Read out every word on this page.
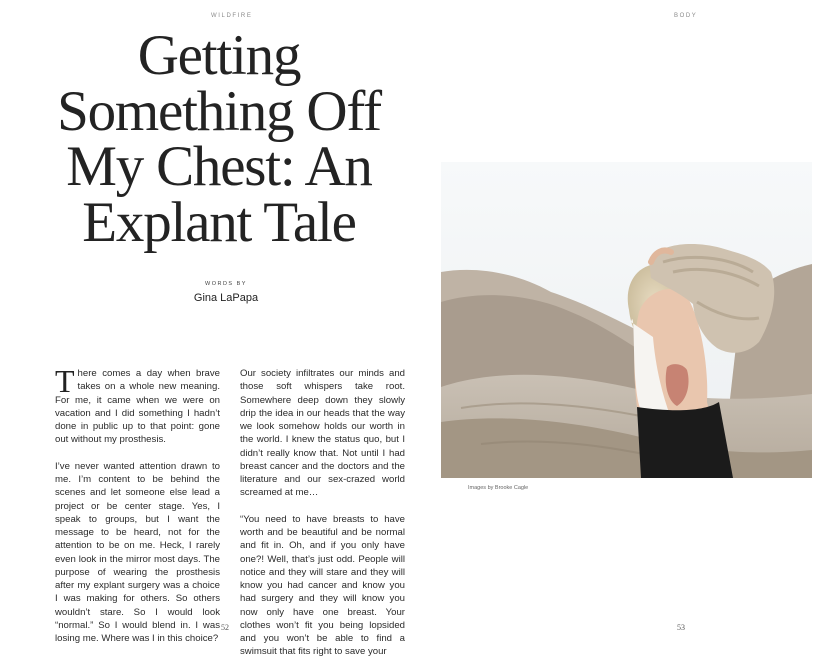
WILDFIRE
Getting Something Off My Chest: An Explant Tale
WORDS BY
Gina LaPapa

There comes a day when brave takes on a whole new meaning. For me, it came when we were on vacation and I did something I hadn’t done in public up to that point: gone out without my prosthesis.

I’ve never wanted attention drawn to me. I’m content to be behind the scenes and let someone else lead a project or be center stage. Yes, I speak to groups, but I want the message to be heard, not for the attention to be on me. Heck, I rarely even look in the mirror most days. The purpose of wearing the prosthesis after my explant surgery was a choice I was making for others. So others wouldn’t stare. So I would look “normal.” So I would blend in. I was losing me. Where was I in this choice?

Our society infiltrates our minds and those soft whispers take root. Somewhere deep down they slowly drip the idea in our heads that the way we look somehow holds our worth in the world. I knew the status quo, but I didn’t really know that. Not until I had breast cancer and the doctors and the literature and our sex-crazed world screamed at me…

“You need to have breasts to have worth and be beautiful and be normal and fit in. Oh, and if you only have one?! Well, that’s just odd. People will notice and they will stare and they will know you had cancer and know you had surgery and they will know you now only have one breast. Your clothes won’t fit you being lopsided and you won’t be able to find a swimsuit that fits right to save your

52
BODY
Images by Brooke Cagle
53
